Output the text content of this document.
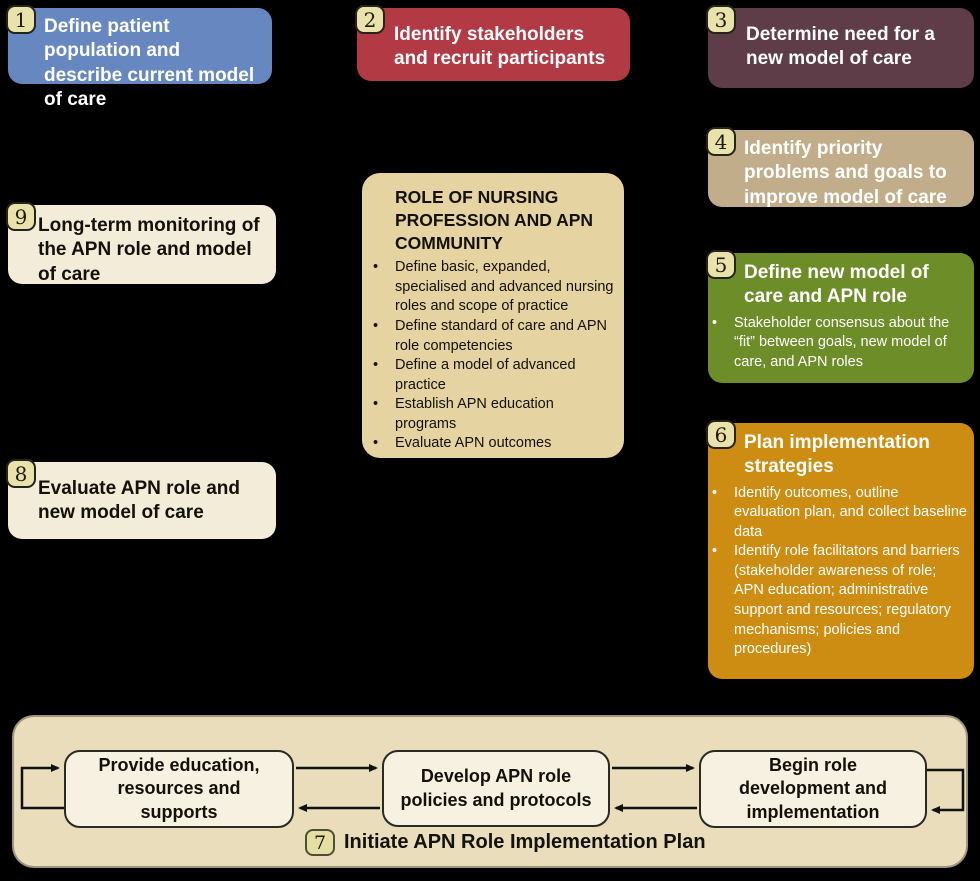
1 Define patient population and describe current model of care
2
Identify stakeholders and recruit participants
3
Determine need for a new model of care
4 Identify priority problems and goals to improve model of care
5 Define new model of care and APN role
•	Stakeholder consensus about the “fit” between goals, new model of care, and APN roles
6 Plan implementation strategies
•	Identify outcomes, outline evaluation plan, and collect baseline data
•	Identify role facilitators and barriers (stakeholder awareness of role; APN education; administrative support and resources; regulatory mechanisms; policies and procedures)
9 Long-term monitoring of the APN role and model of care
8
Evaluate APN role and new model of care
ROLE OF NURSING PROFESSION AND APN COMMUNITY
•	Define basic, expanded, specialised and advanced nursing roles and scope of practice
•	Define standard of care and APN role competencies
•	Define a model of advanced practice
•	Establish APN education programs
•	Evaluate APN outcomes
Provide education, resources and supports
Develop APN role policies and protocols
Begin role development and implementation
7 Initiate APN Role Implementation Plan
